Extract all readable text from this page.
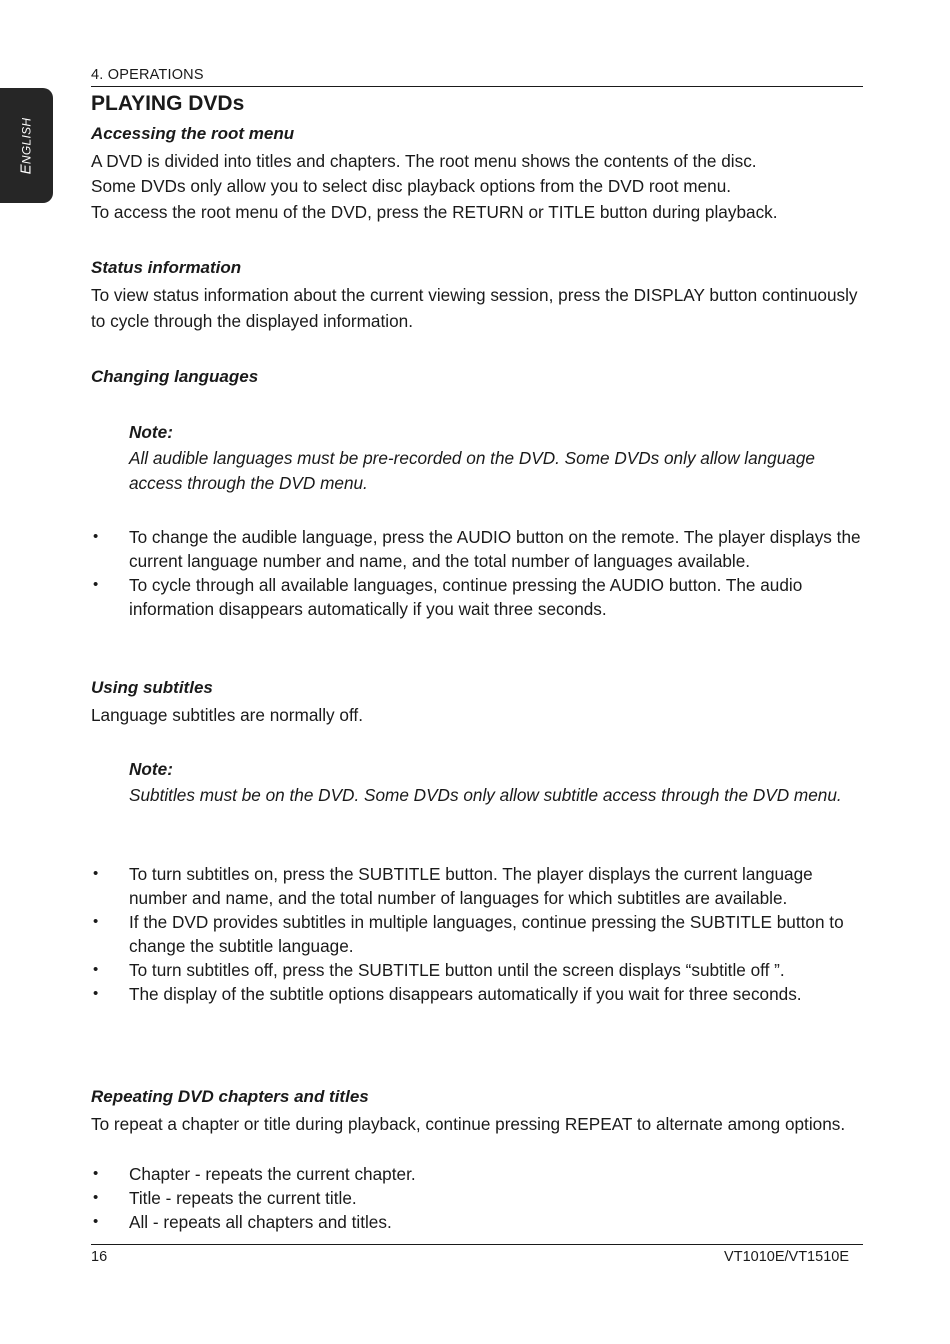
ENGLISH
4. OPERATIONS
PLAYING DVDs
Accessing the root menu

A DVD is divided into titles and chapters. The root menu shows the contents of the disc.

Some DVDs only allow you to select disc playback options from the DVD root menu.

To access the root menu of the DVD, press the RETURN or TITLE button during playback.

Status information

To view status information about the current viewing session, press the DISPLAY button continuously to cycle through the displayed information.

Changing languages
Note:
All audible languages must be pre-recorded on the DVD. Some DVDs only allow language access through the DVD menu.
• To change the audible language, press the AUDIO button on the remote. The player displays the current language number and name, and the total number of languages available.
• To cycle through all available languages, continue pressing the AUDIO button. The audio information disappears automatically if you wait three seconds.
Using subtitles

Language subtitles are normally off.

Note:
Subtitles must be on the DVD. Some DVDs only allow subtitle access through the DVD menu.
• To turn subtitles on, press the SUBTITLE button. The player displays the current language number and name, and the total number of languages for which subtitles are available.
• If the DVD provides subtitles in multiple languages, continue pressing the SUBTITLE button to change the subtitle language.
• To turn subtitles off, press the SUBTITLE button until the screen displays “subtitle off ”.
• The display of the subtitle options disappears automatically if you wait for three seconds.
Repeating DVD chapters and titles

To repeat a chapter or title during playback, continue pressing REPEAT to alternate among options.

• Chapter - repeats the current chapter.
• Title - repeats the current title.
• All - repeats all chapters and titles.
16	VT1010E/VT1510E
